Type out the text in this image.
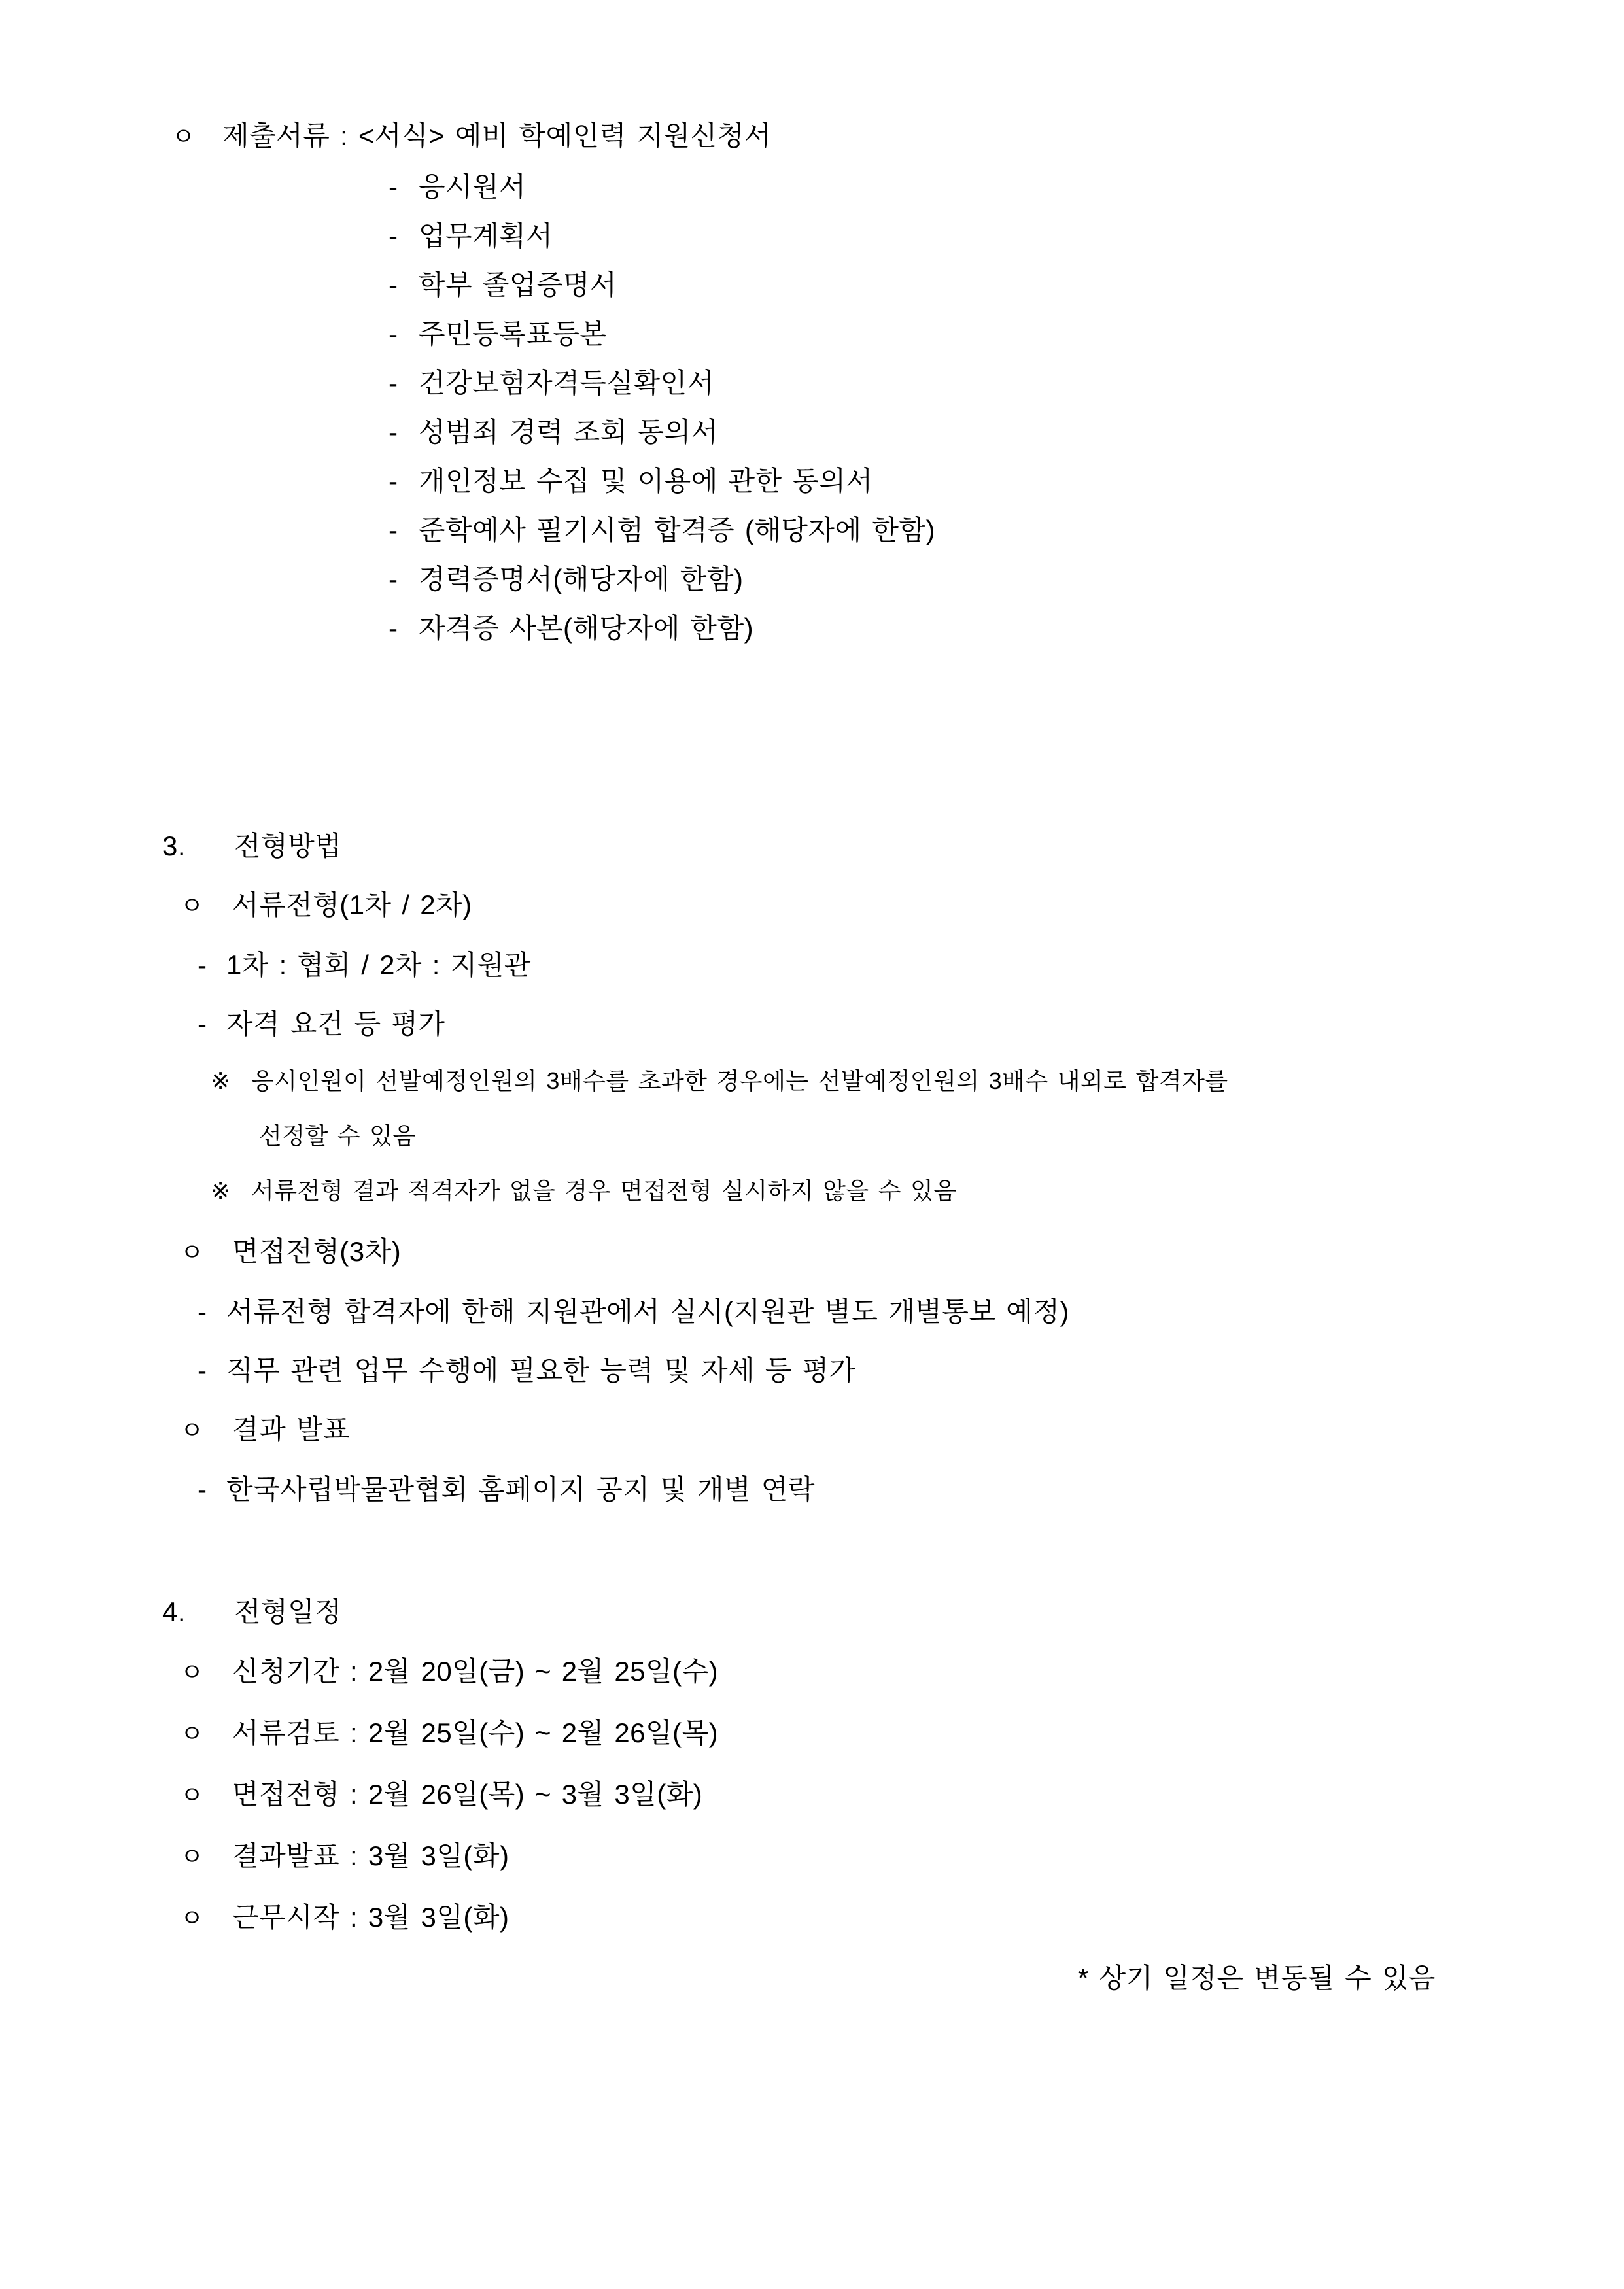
ㅇ 제출서류 : <서식> 예비 학예인력 지원신청서
- 응시원서
- 업무계획서
- 학부 졸업증명서
- 주민등록표등본
- 건강보험자격득실확인서
- 성범죄 경력 조회 동의서
- 개인정보 수집 및 이용에 관한 동의서
- 준학예사 필기시험 합격증 (해당자에 한함)
- 경력증명서(해당자에 한함)
- 자격증 사본(해당자에 한함)
3. 전형방법
ㅇ 서류전형(1차 / 2차)
- 1차 : 협회 / 2차 : 지원관
- 자격 요건 등 평가
※ 응시인원이 선발예정인원의 3배수를 초과한 경우에는 선발예정인원의 3배수 내외로 합격자를
선정할 수 있음
※ 서류전형 결과 적격자가 없을 경우 면접전형 실시하지 않을 수 있음
ㅇ 면접전형(3차)
- 서류전형 합격자에 한해 지원관에서 실시(지원관 별도 개별통보 예정)
- 직무 관련 업무 수행에 필요한 능력 및 자세 등 평가
ㅇ 결과 발표
- 한국사립박물관협회 홈페이지 공지 및 개별 연락
4. 전형일정
ㅇ 신청기간 : 2월 20일(금) ~ 2월 25일(수)
ㅇ 서류검토 : 2월 25일(수) ~ 2월 26일(목)
ㅇ 면접전형 : 2월 26일(목) ~ 3월 3일(화)
ㅇ 결과발표 : 3월 3일(화)
ㅇ 근무시작 : 3월 3일(화)
* 상기 일정은 변동될 수 있음
